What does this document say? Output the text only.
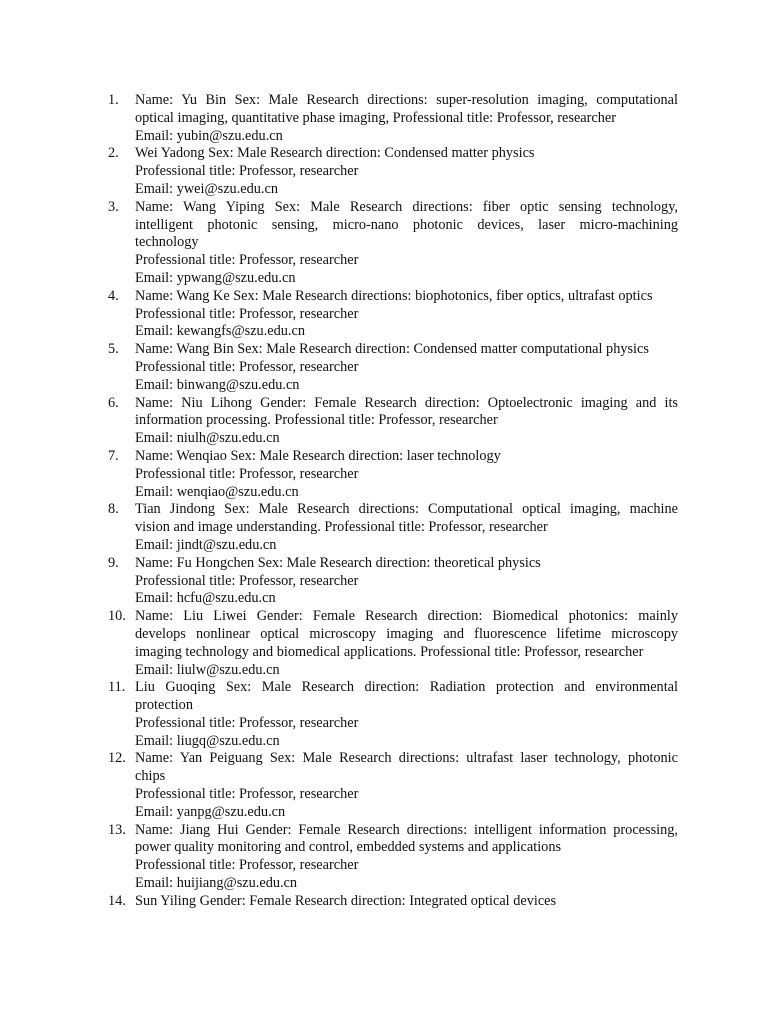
1.	Name: Yu Bin Sex: Male Research directions: super-resolution imaging, computational
optical imaging, quantitative phase imaging, Professional title: Professor, researcher
Email: yubin@szu.edu.cn
2.	Wei Yadong Sex: Male Research direction: Condensed matter physics
Professional title: Professor, researcher
Email: ywei@szu.edu.cn
3.	Name: Wang Yiping Sex: Male Research directions: fiber optic sensing technology,
intelligent photonic sensing, micro-nano photonic devices, laser micro-machining
technology
Professional title: Professor, researcher
Email: ypwang@szu.edu.cn
4.	Name: Wang Ke Sex: Male Research directions: biophotonics, fiber optics, ultrafast optics
Professional title: Professor, researcher
Email: kewangfs@szu.edu.cn
5.	Name: Wang Bin Sex: Male Research direction: Condensed matter computational physics
Professional title: Professor, researcher
Email: binwang@szu.edu.cn
6.	Name: Niu Lihong Gender: Female Research direction: Optoelectronic imaging and its
information processing. Professional title: Professor, researcher
Email: niulh@szu.edu.cn
7.	Name: Wenqiao Sex: Male Research direction: laser technology
Professional title: Professor, researcher
Email: wenqiao@szu.edu.cn
8.	Tian Jindong Sex: Male Research directions: Computational optical imaging, machine
vision and image understanding. Professional title: Professor, researcher
Email: jindt@szu.edu.cn
9.	Name: Fu Hongchen Sex: Male Research direction: theoretical physics
Professional title: Professor, researcher
Email: hcfu@szu.edu.cn
10. Name: Liu Liwei Gender: Female Research direction: Biomedical photonics: mainly
develops nonlinear optical microscopy imaging and fluorescence lifetime microscopy
imaging technology and biomedical applications. Professional title: Professor, researcher
Email: liulw@szu.edu.cn
11. Liu Guoqing Sex: Male Research direction: Radiation protection and environmental
protection
Professional title: Professor, researcher
Email: liugq@szu.edu.cn
12. Name: Yan Peiguang Sex: Male Research directions: ultrafast laser technology, photonic
chips
Professional title: Professor, researcher
Email: yanpg@szu.edu.cn
13. Name: Jiang Hui Gender: Female Research directions: intelligent information processing,
power quality monitoring and control, embedded systems and applications
Professional title: Professor, researcher
Email: huijiang@szu.edu.cn
14. Sun Yiling Gender: Female Research direction: Integrated optical devices
